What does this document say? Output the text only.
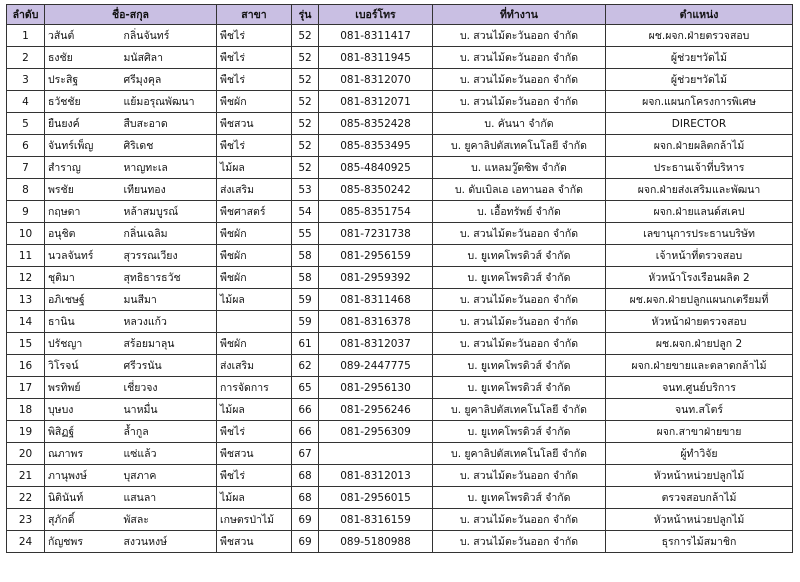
ลำดับ	ชื่อ-สกุล		สาขา	รุ่น	เบอร์โทร	ที่ทำงาน	ตำแหน่ง
1	วสันต์	กลิ่นจันทร์	พืชไร่	52	081-8311417	บ. สวนไม้ตะวันออก จำกัด	ผช.ผจก.ฝ่ายตรวจสอบ
2	ธงชัย	มนัสศิลา	พืชไร่	52	081-8311945	บ. สวนไม้ตะวันออก จำกัด	ผู้ช่วยฯวัดไม้
3	ประสิฐ	ศรีมุงคุล	พืชไร่	52	081-8312070	บ. สวนไม้ตะวันออก จำกัด	ผู้ช่วยฯวัดไม้
4	ธวัชชัย	แย้มอรุณพัฒนา	พืชผัก	52	081-8312071	บ. สวนไม้ตะวันออก จำกัด	ผจก.แผนกโครงการพิเศษ
5	ยืนยงค์	สืบสะอาด	พืชสวน	52	085-8352428	บ. คันนา จำกัด	DIRECTOR
6	จันทร์เพ็ญ	ศิริเดช	พืชไร่	52	085-8353495	บ. ยูคาลิปตัสเทคโนโลยี จำกัด	ผจก.ฝ่ายผลิตกล้าไม้
7	สำราญ	หาญทะเล	ไม้ผล	52	085-4840925	บ. แหลมวู๊ดซิพ จำกัด	ประธานเจ้าที่บริหาร
8	พรชัย	เทียนทอง	ส่งเสริม	53	085-8350242	บ. ดับเบิลเอ เอทานอล จำกัด	ผจก.ฝ่ายส่งเสริมและพัฒนา
9	กฤษดา	หล้าสมบูรณ์	พืชศาสตร์	54	085-8351754	บ. เอื้อทรัพย์ จำกัด	ผจก.ฝ่ายแลนด์สเคป
10	อนุชิต	กลิ่นเฉลิม	พืชผัก	55	081-7231738	บ. สวนไม้ตะวันออก จำกัด	เลขานุการประธานบริษัท
11	นวลจันทร์	สุวรรณเวียง	พืชผัก	58	081-2956159	บ. ยูเทคโพรดิวส์ จำกัด	เจ้าหน้าที่ตรวจสอบ
12	ชุติมา	สุทธิธารธวัช	พืชผัก	58	081-2959392	บ. ยูเทคโพรดิวส์ จำกัด	หัวหน้าโรงเรือนผลิต 2
13	อภิเชษฐ์	มนสีมา	ไม้ผล	59	081-8311468	บ. สวนไม้ตะวันออก จำกัด	ผช.ผจก.ฝ่ายปลูกแผนกเตรียมที่
14	ธานิน	หลวงแก้ว		59	081-8316378	บ. สวนไม้ตะวันออก จำกัด	หัวหน้าฝ่ายตรวจสอบ
15	ปรัชญา	สร้อยมาลุน	พืชผัก	61	081-8312037	บ. สวนไม้ตะวันออก จำกัด	ผช.ผจก.ฝ่ายปลูก 2
16	วิโรจน์	ศรีวรนัน	ส่งเสริม	62	089-2447775	บ. ยูเทคโพรดิวส์ จำกัด	ผจก.ฝ่ายขายและตลาดกล้าไม้
17	พรทิพย์	เชี่ยวจง	การจัดการ	65	081-2956130	บ. ยูเทคโพรดิวส์ จำกัด	จนท.ศูนย์บริการ
18	บุษบง	นาหมื่น	ไม้ผล	66	081-2956246	บ. ยูคาลิปตัสเทคโนโลยี จำกัด	จนท.สโตร์
19	พิสิฏฐ์	ล้ำกูล	พืชไร่	66	081-2956309	บ. ยูเทคโพรดิวส์ จำกัด	ผจก.สาขาฝ่ายขาย
20	ณภาพร	แซ่แล้ว	พืชสวน	67		บ. ยูคาลิปตัสเทคโนโลยี จำกัด	ผู้ทำวิจัย
21	ภานุพงษ์	บุสภาค	พืชไร่	68	081-8312013	บ. สวนไม้ตะวันออก จำกัด	หัวหน้าหน่วยปลูกไม้
22	นิตินันท์	แสนลา	ไม้ผล	68	081-2956015	บ. ยูเทคโพรดิวส์ จำกัด	ตรวจสอบกล้าไม้
23	สุภักดิ์	พัสละ	เกษตรป่าไม้	69	081-8316159	บ. สวนไม้ตะวันออก จำกัด	หัวหน้าหน่วยปลูกไม้
24	กัญชพร	สงวนหงษ์	พืชสวน	69	089-5180988	บ. สวนไม้ตะวันออก จำกัด	ธุรการไม้สมาชิก
